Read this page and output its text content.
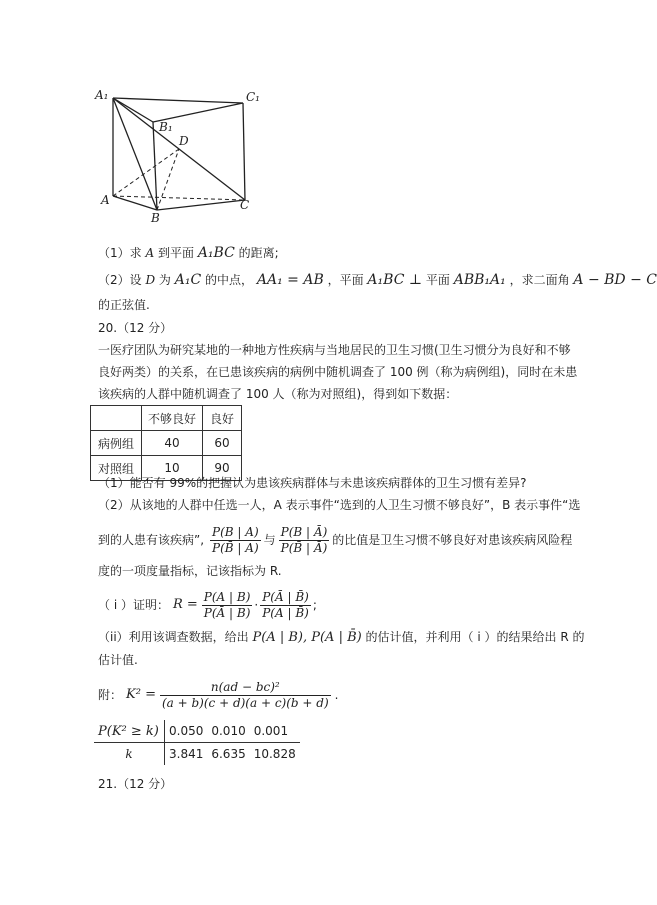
A₁	C₁
B₁
D
A
B
C
（1）求 A 到平面 A₁BC 的距离;
（2）设 D 为 A₁C 的中点， AA₁ = AB ，平面 A₁BC ⊥ 平面 ABB₁A₁ ，求二面角 A − BD − C
的正弦值.
20.（12 分）
一医疗团队为研究某地的一种地方性疾病与当地居民的卫生习惯(卫生习惯分为良好和不够
良好两类）的关系，在已患该疾病的病例中随机调查了 100 例（称为病例组)，同时在未患
该疾病的人群中随机调查了 100 人（称为对照组)，得到如下数据：
	不够良好	良好
病例组	40	60
对照组	10	90
（1）能否有 99%的把握认为患该疾病群体与未患该疾病群体的卫生习惯有差异?
（2）从该地的人群中任选一人，A 表示事件“选到的人卫生习惯不够良好”，B 表示事件“选
到的人患有该疾病”, $\frac{P(B | A)}{P(B̄ | A)}$ 与 $\frac{P(B | Ā)}{P(B̄ | Ā)}$ 的比值是卫生习惯不够良好对患该疾病风险程
度的一项度量指标，记该指标为 R.
（ i ）证明： $R = \frac{P(A | B)}{P(Ā | B)} \cdot \frac{P(Ā | B̄)}{P(A | B̄)}$ ;
（ii）利用该调查数据，给出 P(A | B), P(A | B̄) 的估计值，并利用（ i ）的结果给出 R 的
估计值.
附： $K^2 = \frac{\text{n(ad − bc)²}}{(a + b)(c + d)(a + c)(b + d)}$ .
P(K² ≥ k)	0.050	0.010	0.001
k	3.841	6.635	10.828
21.（12 分）
